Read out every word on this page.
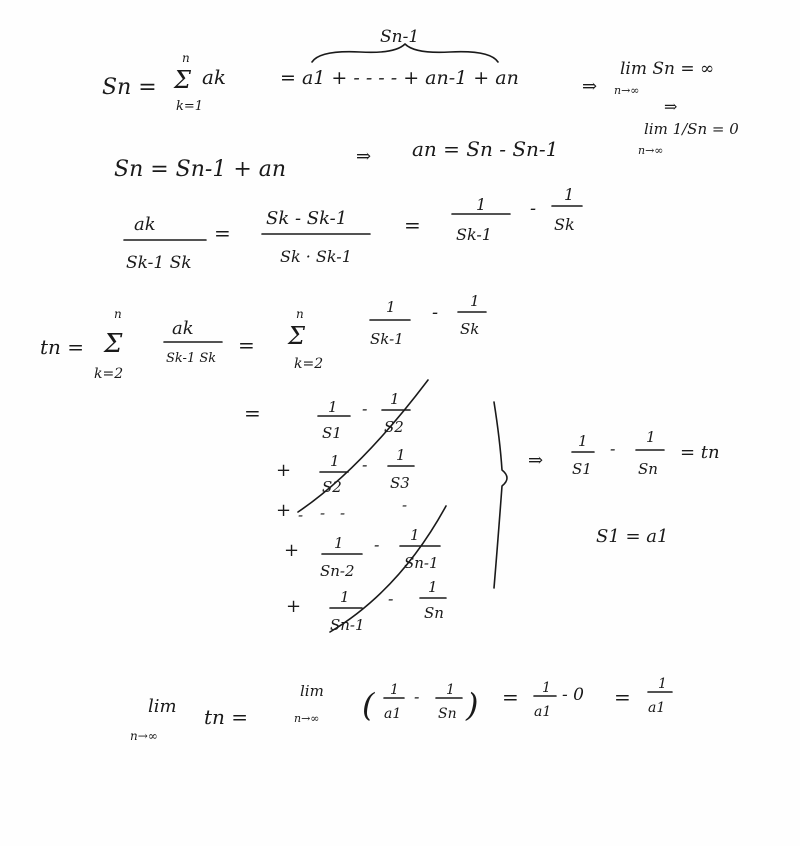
Sn-1
Sn =
n
Σ
k=1
ak	= a1 + - - - - + an-1 + an	⇒
lim Sn = ∞
n→∞
⇒
lim 1/Sn = 0
n→∞
Sn = Sn-1 + an
⇒ an = Sn - Sn-1
ak
Sk-1 Sk
=
Sk - Sk-1
Sk · Sk-1
=
1
Sk-1
-
1
Sk
tn =
n
Σ
k=2
ak
Sk-1 Sk
=
n
Σ
k=2
1
Sk-1
-
1
Sk
=	1
S1
- 1
S2
+	1
S2
- 1
S3
+ - - -	-
+ 1
Sn-2
- 1
Sn-1
+	1
Sn-1
-
1
Sn
⇒
1
S1
-
1
Sn
= tn
S1 = a1
lim
n→∞
tn =
lim
n→∞ ( 1
a1
- 1
Sn ) = 1
a1
- 0 =
1
a1
